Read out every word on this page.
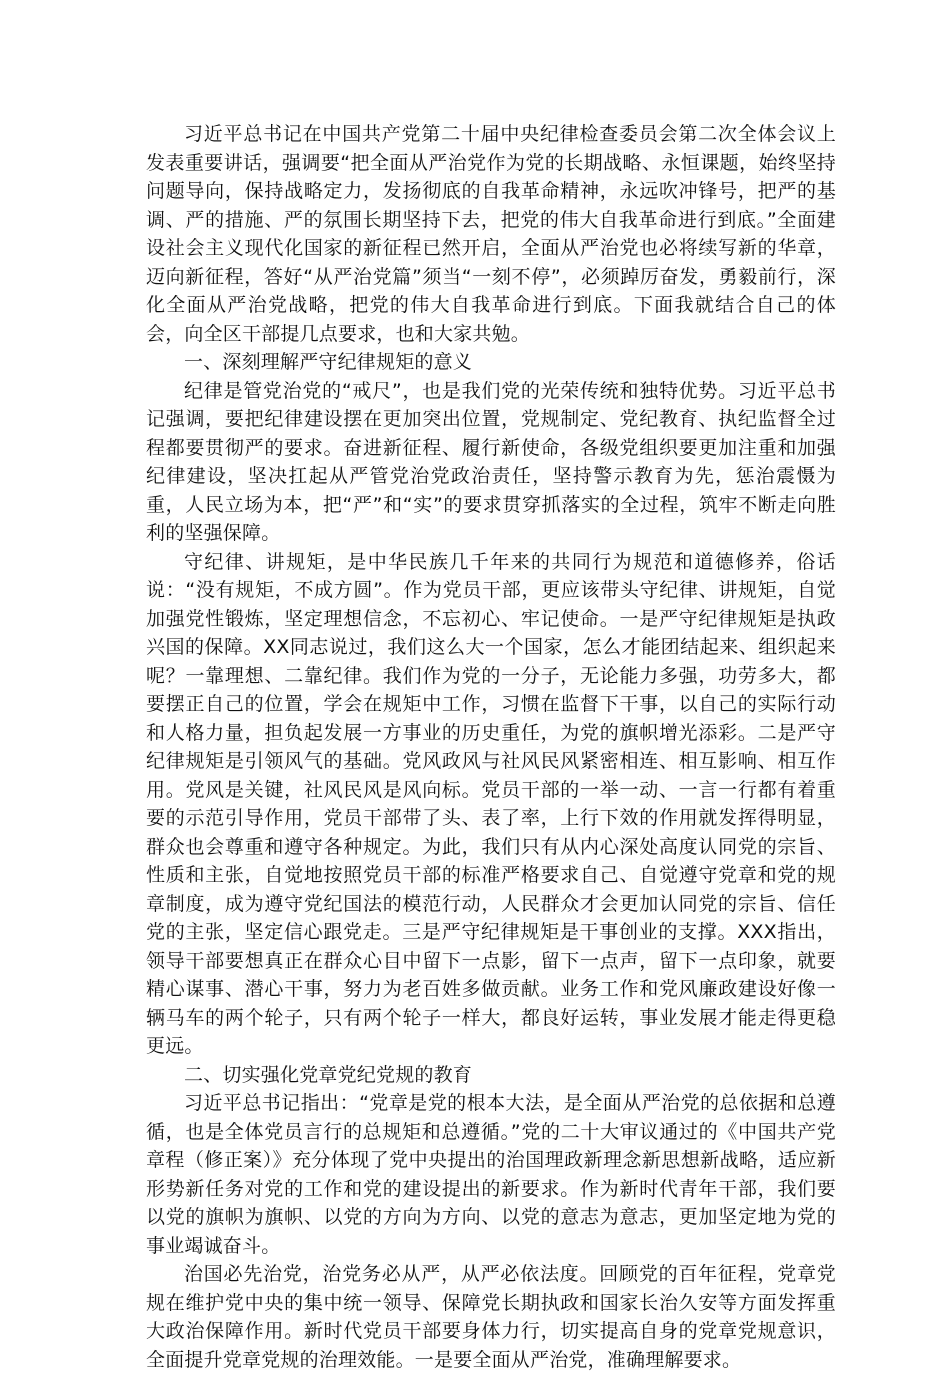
习近平总书记在中国共产党第二十届中央纪律检查委员会第二次全体会议上发表重要讲话，强调要“把全面从严治党作为党的长期战略、永恒课题，始终坚持问题导向，保持战略定力，发扬彻底的自我革命精神，永远吹冲锋号，把严的基调、严的措施、严的氛围长期坚持下去，把党的伟大自我革命进行到底。”全面建设社会主义现代化国家的新征程已然开启，全面从严治党也必将续写新的华章，迈向新征程，答好“从严治党篇”须当“一刻不停”，必须踔厉奋发，勇毅前行，深化全面从严治党战略，把党的伟大自我革命进行到底。下面我就结合自己的体会，向全区干部提几点要求，也和大家共勉。

一、深刻理解严守纪律规矩的意义

纪律是管党治党的“戒尺”，也是我们党的光荣传统和独特优势。习近平总书记强调，要把纪律建设摆在更加突出位置，党规制定、党纪教育、执纪监督全过程都要贯彻严的要求。奋进新征程、履行新使命，各级党组织要更加注重和加强纪律建设，坚决扛起从严管党治党政治责任，坚持警示教育为先，惩治震慑为重，人民立场为本，把“严”和“实”的要求贯穿抓落实的全过程，筑牢不断走向胜利的坚强保障。

守纪律、讲规矩，是中华民族几千年来的共同行为规范和道德修养，俗话说：“没有规矩，不成方圆”。作为党员干部，更应该带头守纪律、讲规矩，自觉加强党性锻炼，坚定理想信念，不忘初心、牢记使命。一是严守纪律规矩是执政兴国的保障。XX同志说过，我们这么大一个国家，怎么才能团结起来、组织起来呢？一靠理想、二靠纪律。我们作为党的一分子，无论能力多强，功劳多大，都要摆正自己的位置，学会在规矩中工作，习惯在监督下干事，以自己的实际行动和人格力量，担负起发展一方事业的历史重任，为党的旗帜增光添彩。二是严守纪律规矩是引领风气的基础。党风政风与社风民风紧密相连、相互影响、相互作用。党风是关键，社风民风是风向标。党员干部的一举一动、一言一行都有着重要的示范引导作用，党员干部带了头、表了率，上行下效的作用就发挥得明显，群众也会尊重和遵守各种规定。为此，我们只有从内心深处高度认同党的宗旨、性质和主张，自觉地按照党员干部的标准严格要求自己、自觉遵守党章和党的规章制度，成为遵守党纪国法的模范行动，人民群众才会更加认同党的宗旨、信任党的主张，坚定信心跟党走。三是严守纪律规矩是干事创业的支撑。XXX指出，领导干部要想真正在群众心目中留下一点影，留下一点声，留下一点印象，就要精心谋事、潜心干事，努力为老百姓多做贡献。业务工作和党风廉政建设好像一辆马车的两个轮子，只有两个轮子一样大，都良好运转，事业发展才能走得更稳更远。

二、切实强化党章党纪党规的教育

习近平总书记指出：“党章是党的根本大法，是全面从严治党的总依据和总遵循，也是全体党员言行的总规矩和总遵循。”党的二十大审议通过的《中国共产党章程（修正案）》充分体现了党中央提出的治国理政新理念新思想新战略，适应新形势新任务对党的工作和党的建设提出的新要求。作为新时代青年干部，我们要以党的旗帜为旗帜、以党的方向为方向、以党的意志为意志，更加坚定地为党的事业竭诚奋斗。

治国必先治党，治党务必从严，从严必依法度。回顾党的百年征程，党章党规在维护党中央的集中统一领导、保障党长期执政和国家长治久安等方面发挥重大政治保障作用。新时代党员干部要身体力行，切实提高自身的党章党规意识，全面提升党章党规的治理效能。一是要全面从严治党，准确理解要求。
